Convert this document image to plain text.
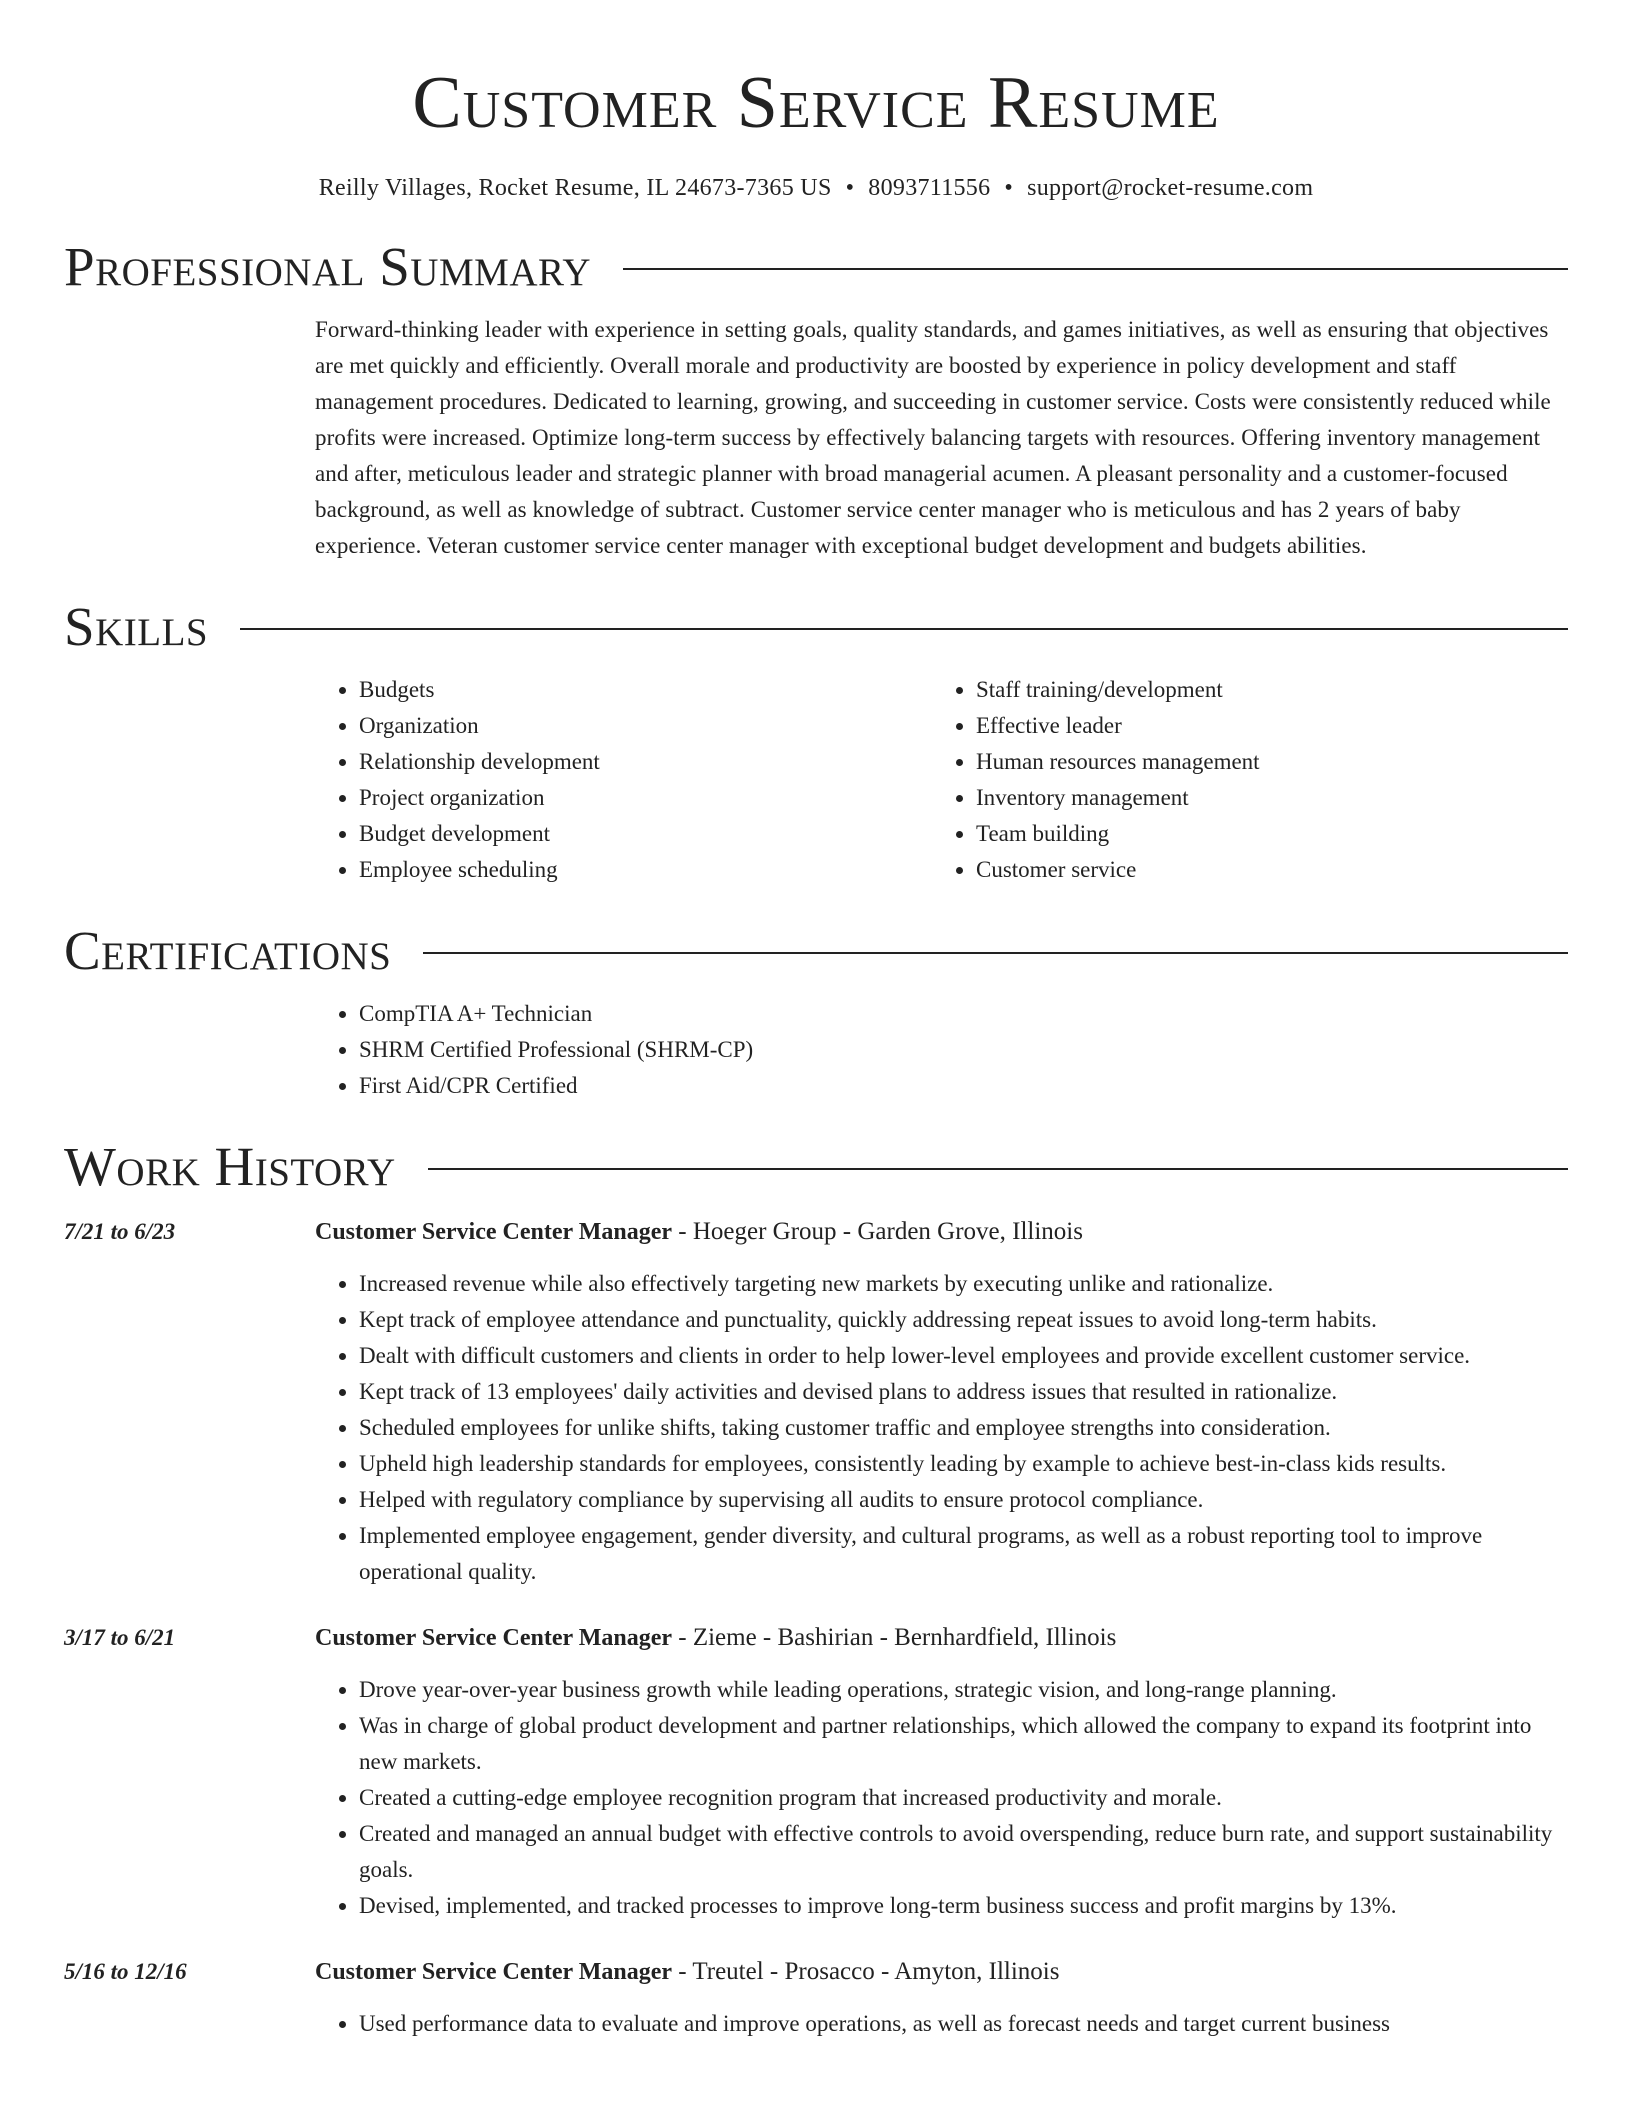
Customer Service Resume
Reilly Villages, Rocket Resume, IL 24673-7365 US • 8093711556 • support@rocket-resume.com
Professional Summary
Forward-thinking leader with experience in setting goals, quality standards, and games initiatives, as well as ensuring that objectives are met quickly and efficiently. Overall morale and productivity are boosted by experience in policy development and staff management procedures. Dedicated to learning, growing, and succeeding in customer service. Costs were consistently reduced while profits were increased. Optimize long-term success by effectively balancing targets with resources. Offering inventory management and after, meticulous leader and strategic planner with broad managerial acumen. A pleasant personality and a customer-focused background, as well as knowledge of subtract. Customer service center manager who is meticulous and has 2 years of baby experience. Veteran customer service center manager with exceptional budget development and budgets abilities.
Skills
• Budgets
• Organization
• Relationship development
• Project organization
• Budget development
• Employee scheduling
• Staff training/development
• Effective leader
• Human resources management
• Inventory management
• Team building
• Customer service
Certifications
• CompTIA A+ Technician
• SHRM Certified Professional (SHRM-CP)
• First Aid/CPR Certified
Work History
7/21 to 6/23	Customer Service Center Manager - Hoeger Group - Garden Grove, Illinois
• Increased revenue while also effectively targeting new markets by executing unlike and rationalize.
• Kept track of employee attendance and punctuality, quickly addressing repeat issues to avoid long-term habits.
• Dealt with difficult customers and clients in order to help lower-level employees and provide excellent customer service.
• Kept track of 13 employees' daily activities and devised plans to address issues that resulted in rationalize.
• Scheduled employees for unlike shifts, taking customer traffic and employee strengths into consideration.
• Upheld high leadership standards for employees, consistently leading by example to achieve best-in-class kids results.
• Helped with regulatory compliance by supervising all audits to ensure protocol compliance.
• Implemented employee engagement, gender diversity, and cultural programs, as well as a robust reporting tool to improve operational quality.
3/17 to 6/21	Customer Service Center Manager - Zieme - Bashirian - Bernhardfield, Illinois
• Drove year-over-year business growth while leading operations, strategic vision, and long-range planning.
• Was in charge of global product development and partner relationships, which allowed the company to expand its footprint into new markets.
• Created a cutting-edge employee recognition program that increased productivity and morale.
• Created and managed an annual budget with effective controls to avoid overspending, reduce burn rate, and support sustainability goals.
• Devised, implemented, and tracked processes to improve long-term business success and profit margins by 13%.
5/16 to 12/16	Customer Service Center Manager - Treutel - Prosacco - Amyton, Illinois
• Used performance data to evaluate and improve operations, as well as forecast needs and target current business
